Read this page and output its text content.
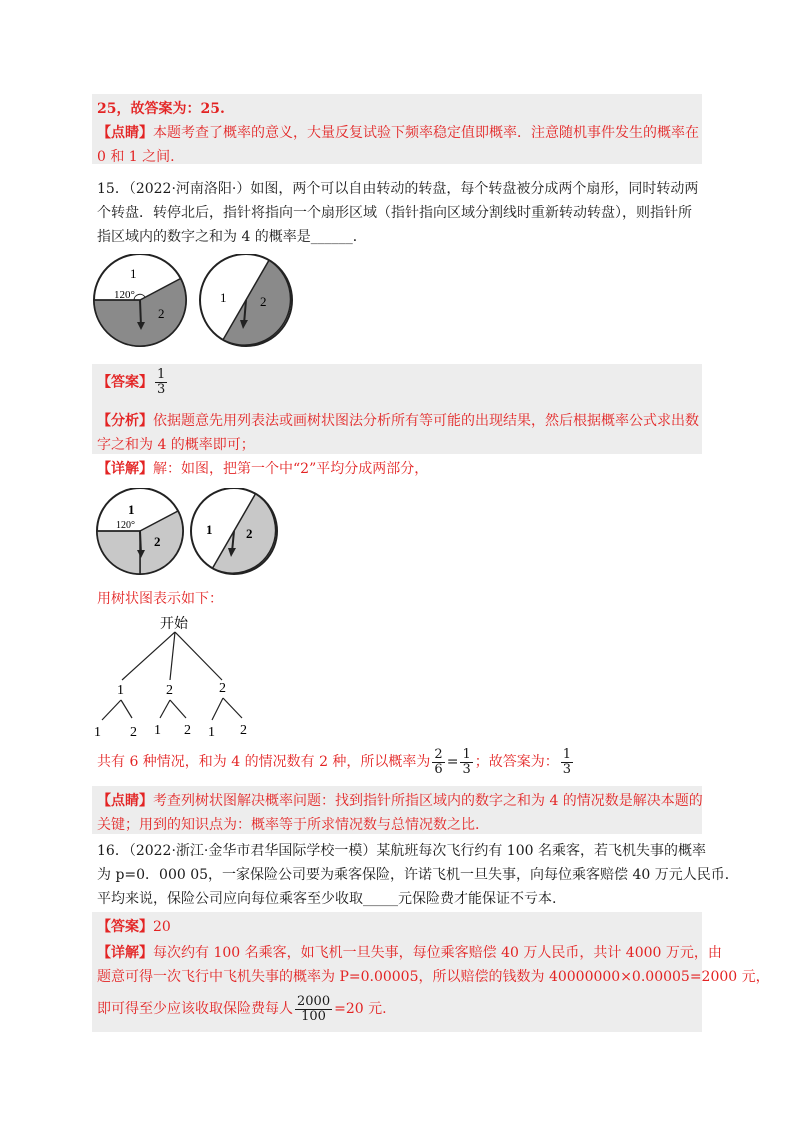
25，故答案为：25.
【点睛】本题考查了概率的意义，大量反复试验下频率稳定值即概率．注意随机事件发生的概率在
0 和 1 之间.
15．（2022·河南洛阳·）如图，两个可以自由转动的转盘，每个转盘被分成两个扇形，同时转动两
个转盘．转停北后，指针将指向一个扇形区域（指针指向区域分割线时重新转动转盘），则指针所
指区域内的数字之和为 4 的概率是______．
1
120°
2
1	2
【答案】 $\frac{1}{3}$
【分析】依据题意先用列表法或画树状图法分析所有等可能的出现结果，然后根据概率公式求出数
字之和为 4 的概率即可；
【详解】解：如图，把第一个中“2”平均分成两部分，
1
120°
2
1	2
用树状图表示如下：
开始
1	2	2
1 2 1 2 1 2
共有 6 种情况，和为 4 的情况数有 2 种，所以概率为 $\frac{2}{6} = \frac{1}{3}$ ；故答案为： $\frac{1}{3}$
【点睛】考查列树状图解决概率问题：找到指针所指区域内的数字之和为 4 的情况数是解决本题的
关键；用到的知识点为：概率等于所求情况数与总情况数之比.
16．（2022·浙江·金华市君华国际学校一模）某航班每次飞行约有 100 名乘客，若飞机失事的概率
为 p=0．000 05，一家保险公司要为乘客保险，许诺飞机一旦失事，向每位乘客赔偿 40 万元人民币．
平均来说，保险公司应向每位乘客至少收取_____元保险费才能保证不亏本.
【答案】20
【详解】每次约有 100 名乘客，如飞机一旦失事，每位乘客赔偿 40 万人民币，共计 4000 万元，由
题意可得一次飞行中飞机失事的概率为 P=0.00005，所以赔偿的钱数为 40000000×0.00005=2000 元，
即可得至少应该收取保险费每人 $\frac{2000}{100} =20$ 元.
